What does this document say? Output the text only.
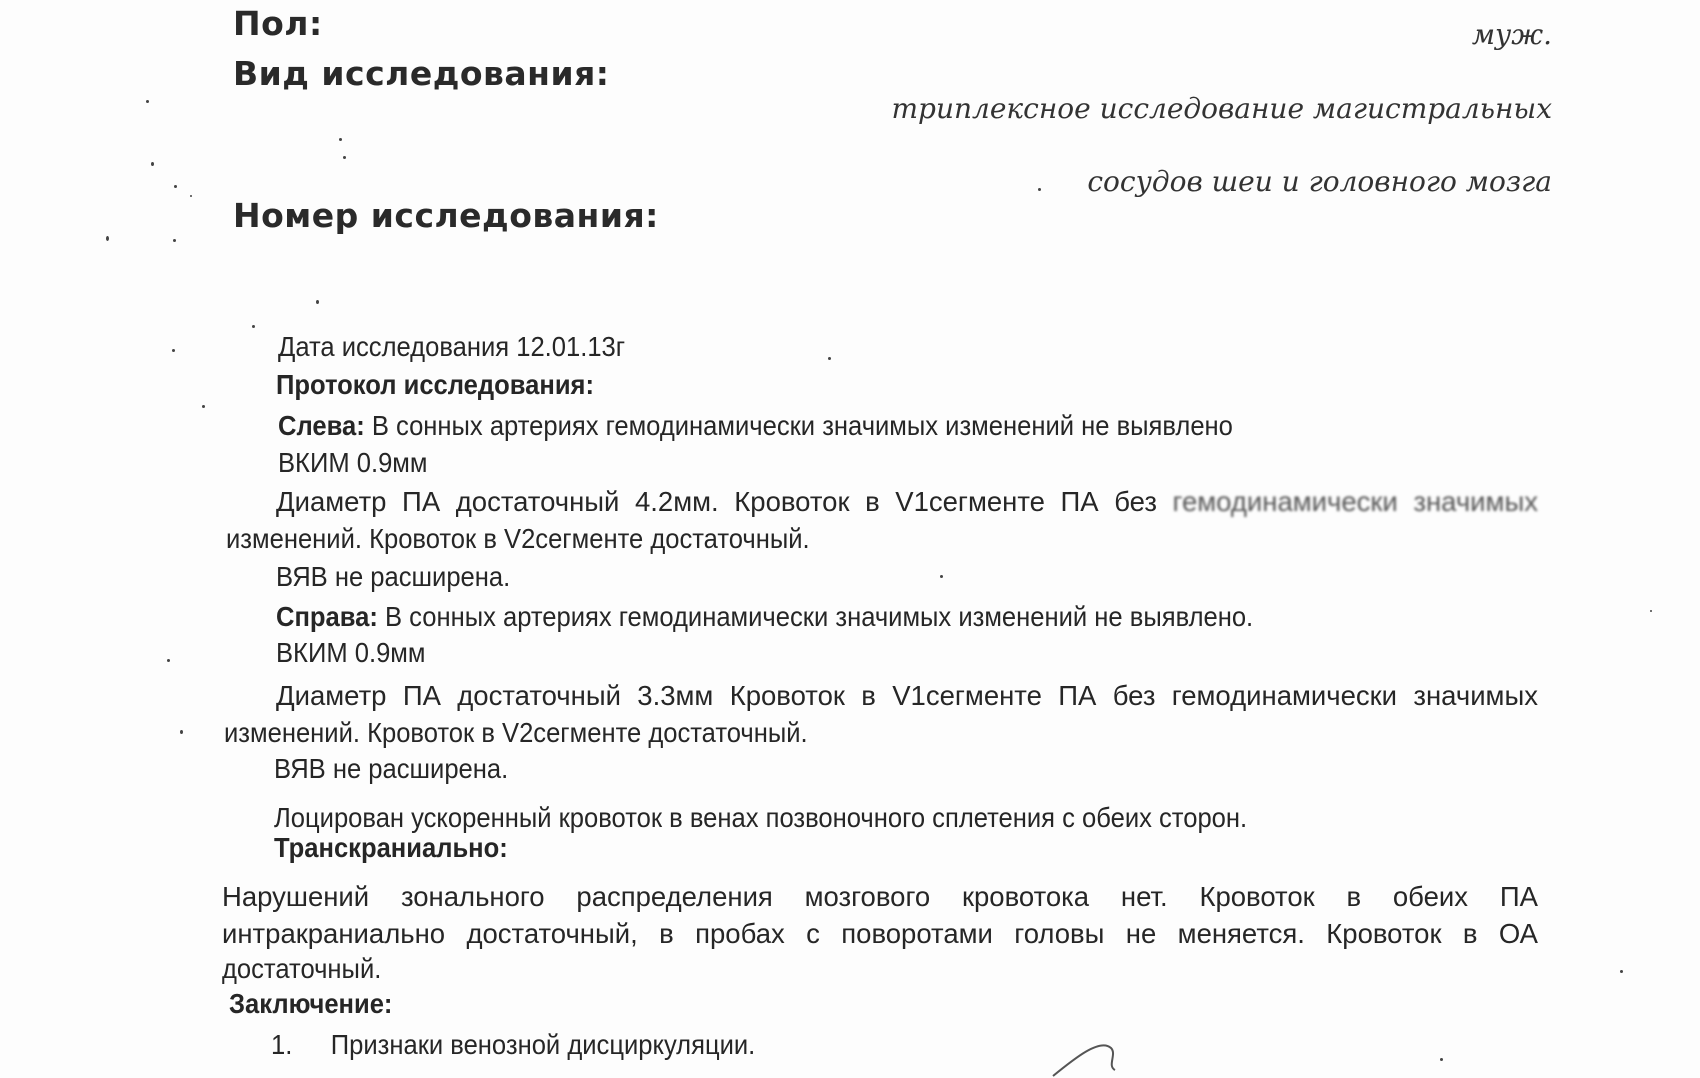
Пол:	муж.
Вид исследования:
триплексное исследование магистральных
сосудов шеи и головного мозга
Номер исследования:
Дата исследования 12.01.13г
Протокол исследования:
Слева: В сонных артериях гемодинамически значимых изменений не выявлено
ВКИМ 0.9мм
Диаметр ПА достаточный 4.2мм. Кровоток в V1сегменте ПА без гемодинамически значимых
изменений. Кровоток в V2сегменте достаточный.
ВЯВ не расширена.
Справа: В сонных артериях гемодинамически значимых изменений не выявлено.
ВКИМ 0.9мм
Диаметр ПА достаточный 3.3мм Кровоток в V1сегменте ПА без гемодинамически значимых
изменений. Кровоток в V2сегменте достаточный.
ВЯВ не расширена.
Лоцирован ускоренный кровоток в венах позвоночного сплетения с обеих сторон.
Транскраниально:
Нарушений зонального распределения мозгового кровотока нет. Кровоток в обеих ПА
интракраниально достаточный, в пробах с поворотами головы не меняется. Кровоток в ОА
достаточный.
Заключение:
1. Признаки венозной дисциркуляции.
